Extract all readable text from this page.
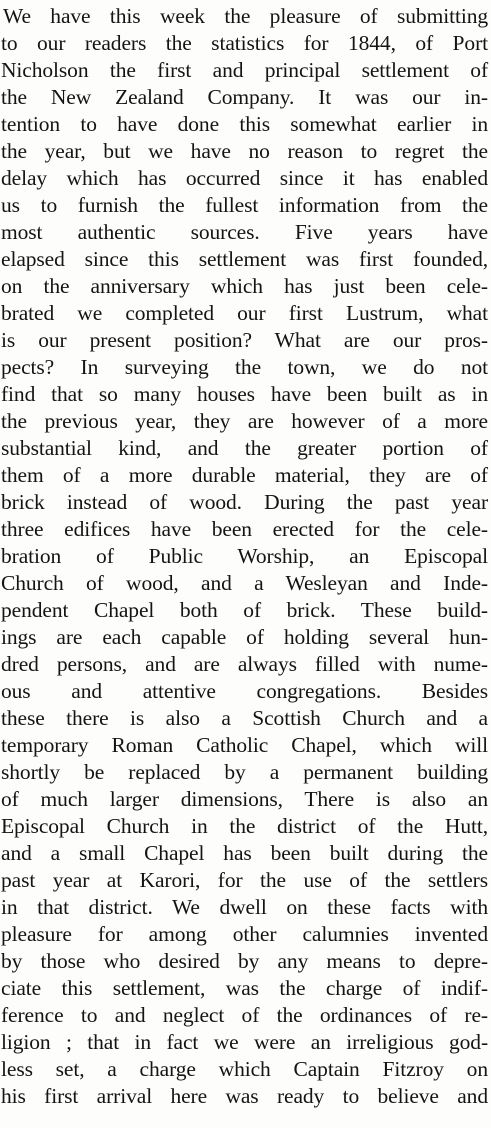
We have this week the pleasure of submitting
to our readers the statistics for 1844, of Port
Nicholson the first and principal settlement of
the New Zealand Company. It was our in-
tention to have done this somewhat earlier in
the year, but we have no reason to regret the
delay which has occurred since it has enabled
us to furnish the fullest information from the
most authentic sources. Five years have
elapsed since this settlement was first founded,
on the anniversary which has just been cele-
brated we completed our first Lustrum, what
is our present position? What are our pros-
pects? In surveying the town, we do not
find that so many houses have been built as in
the previous year, they are however of a more
substantial kind, and the greater portion of
them of a more durable material, they are of
brick instead of wood. During the past year
three edifices have been erected for the cele-
bration of Public Worship, an Episcopal
Church of wood, and a Wesleyan and Inde-
pendent Chapel both of brick. These build-
ings are each capable of holding several hun-
dred persons, and are always filled with nume-
ous and attentive congregations. Besides
these there is also a Scottish Church and a
temporary Roman Catholic Chapel, which will
shortly be replaced by a permanent building
of much larger dimensions, There is also an
Episcopal Church in the district of the Hutt,
and a small Chapel has been built during the
past year at Karori, for the use of the settlers
in that district. We dwell on these facts with
pleasure for among other calumnies invented
by those who desired by any means to depre-
ciate this settlement, was the charge of indif-
ference to and neglect of the ordinances of re-
ligion ; that in fact we were an irreligious god-
less set, a charge which Captain Fitzroy on
his first arrival here was ready to believe and
